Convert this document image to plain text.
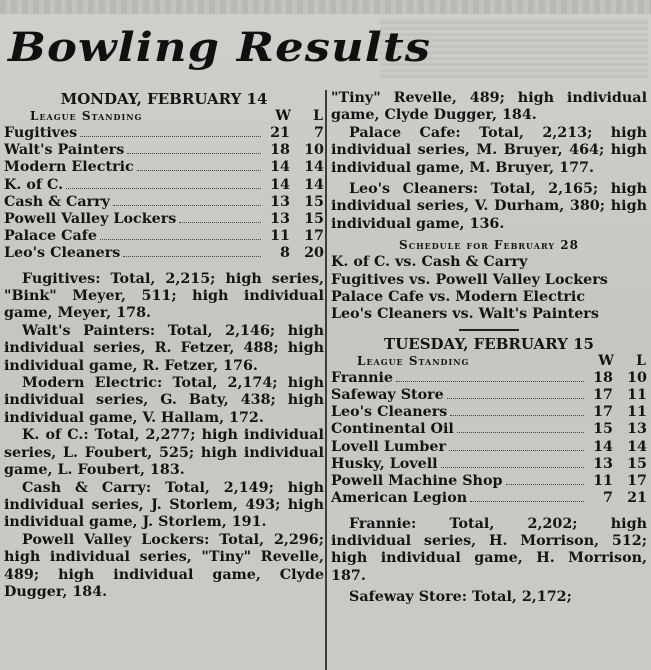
Bowling Results
MONDAY, FEBRUARY 14
League Standing	W	L
Fugitives	21	7
Walt's Painters	18 10
Modern Electric	14 14
K. of C.	14 14
Cash & Carry	13 15
Powell Valley Lockers	13 15
Palace Cafe	11 17
Leo's Cleaners	8 20

Fugitives: Total, 2,215; high series, "Bink" Meyer, 511; high individual game, Meyer, 178.

Walt's Painters: Total, 2,146; high individual series, R. Fetzer, 488; high individual game, R. Fetzer, 176.

Modern Electric: Total, 2,174; high individual series, G. Baty, 438; high individual game, V. Hallam, 172.

K. of C.: Total, 2,277; high individual series, L. Foubert, 525; high individual game, L. Foubert, 183.

Cash & Carry: Total, 2,149; high individual series, J. Storlem, 493; high individual game, J. Storlem, 191.

Powell Valley Lockers: Total, 2,296; high individual series, "Tiny" Revelle, 489; high individual game, Clyde Dugger, 184.

"Tiny" Revelle, 489; high individual game, Clyde Dugger, 184.

Palace Cafe: Total, 2,213; high individual series, M. Bruyer, 464; high individual game, M. Bruyer, 177.

Leo's Cleaners: Total, 2,165; high individual series, V. Durham, 380; high individual game, 136.

Schedule for February 28
K. of C. vs. Cash & Carry
Fugitives vs. Powell Valley Lockers
Palace Cafe vs. Modern Electric
Leo's Cleaners vs. Walt's Painters
TUESDAY, FEBRUARY 15
League Standing	W	L
Frannie	18 10
Safeway Store	17 11
Leo's Cleaners	17 11
Continental Oil	15 13
Lovell Lumber	14 14
Husky, Lovell	13 15
Powell Machine Shop	11 17
American Legion	7 21

Frannie: Total, 2,202; high individual series, H. Morrison, 512; high individual game, H. Morrison, 187.

Safeway Store: Total, 2,172;
